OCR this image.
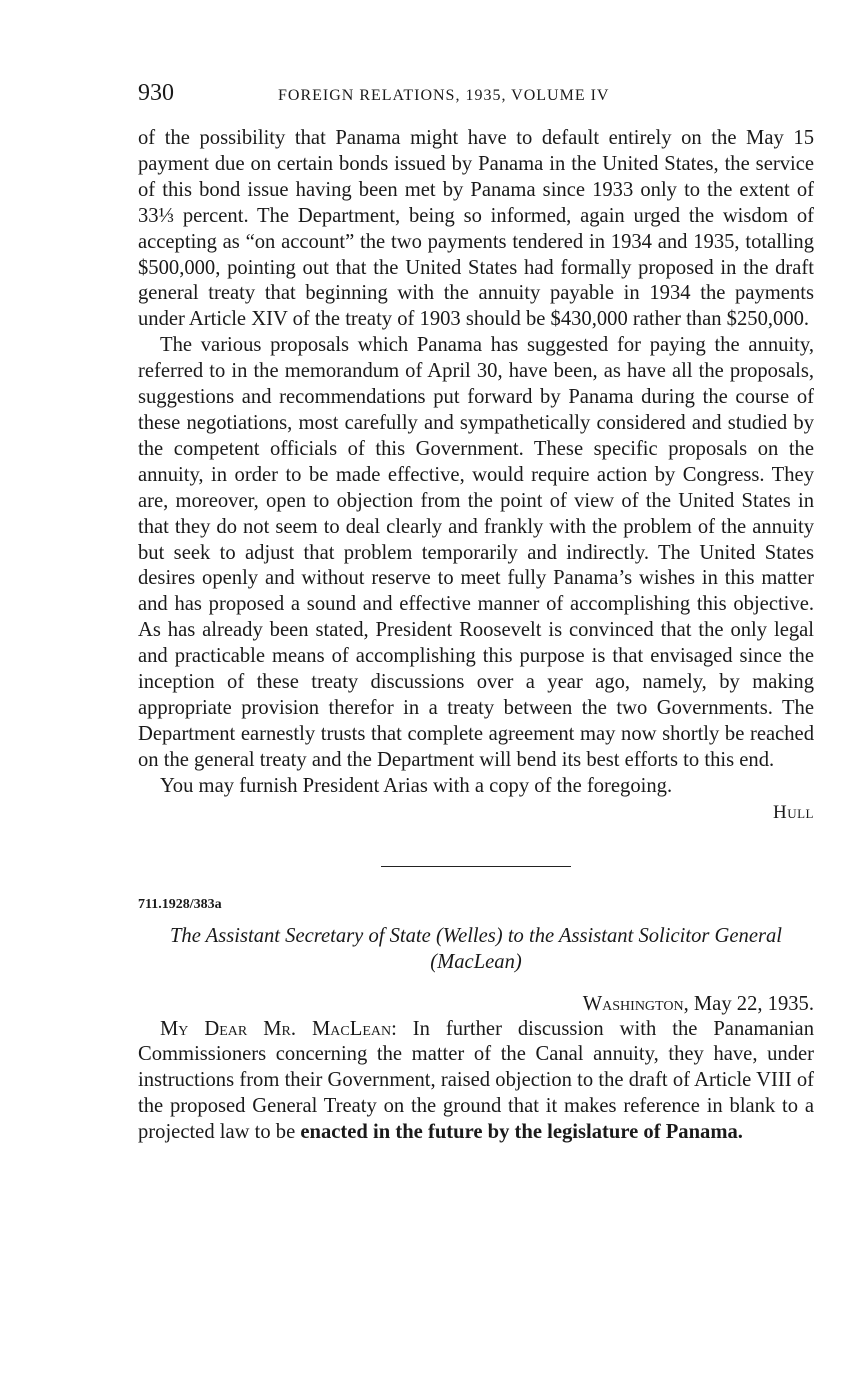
930	FOREIGN RELATIONS, 1935, VOLUME IV

of the possibility that Panama might have to default entirely on the May 15 payment due on certain bonds issued by Panama in the United States, the service of this bond issue having been met by Panama since 1933 only to the extent of 33⅓ percent. The Department, being so informed, again urged the wisdom of accepting as “on account” the two payments tendered in 1934 and 1935, totalling $500,000, pointing out that the United States had formally proposed in the draft general treaty that beginning with the annuity payable in 1934 the payments under Article XIV of the treaty of 1903 should be $430,000 rather than $250,000.

The various proposals which Panama has suggested for paying the annuity, referred to in the memorandum of April 30, have been, as have all the proposals, suggestions and recommendations put forward by Panama during the course of these negotiations, most carefully and sympathetically considered and studied by the competent officials of this Government. These specific proposals on the annuity, in order to be made effective, would require action by Congress. They are, moreover, open to objection from the point of view of the United States in that they do not seem to deal clearly and frankly with the problem of the annuity but seek to adjust that problem temporarily and indirectly. The United States desires openly and without reserve to meet fully Panama’s wishes in this matter and has proposed a sound and effective manner of accomplishing this objective. As has already been stated, President Roosevelt is convinced that the only legal and practicable means of accomplishing this purpose is that envisaged since the inception of these treaty discussions over a year ago, namely, by making appropriate provision therefor in a treaty between the two Governments. The Department earnestly trusts that complete agreement may now shortly be reached on the general treaty and the Department will bend its best efforts to this end.

You may furnish President Arias with a copy of the foregoing.

Hull

711.1928/383a

The Assistant Secretary of State (Welles) to the Assistant Solicitor General (MacLean)

Washington, May 22, 1935.

My Dear Mr. MacLean: In further discussion with the Panamanian Commissioners concerning the matter of the Canal annuity, they have, under instructions from their Government, raised objection to the draft of Article VIII of the proposed General Treaty on the ground that it makes reference in blank to a projected law to be enacted in the future by the legislature of Panama.
